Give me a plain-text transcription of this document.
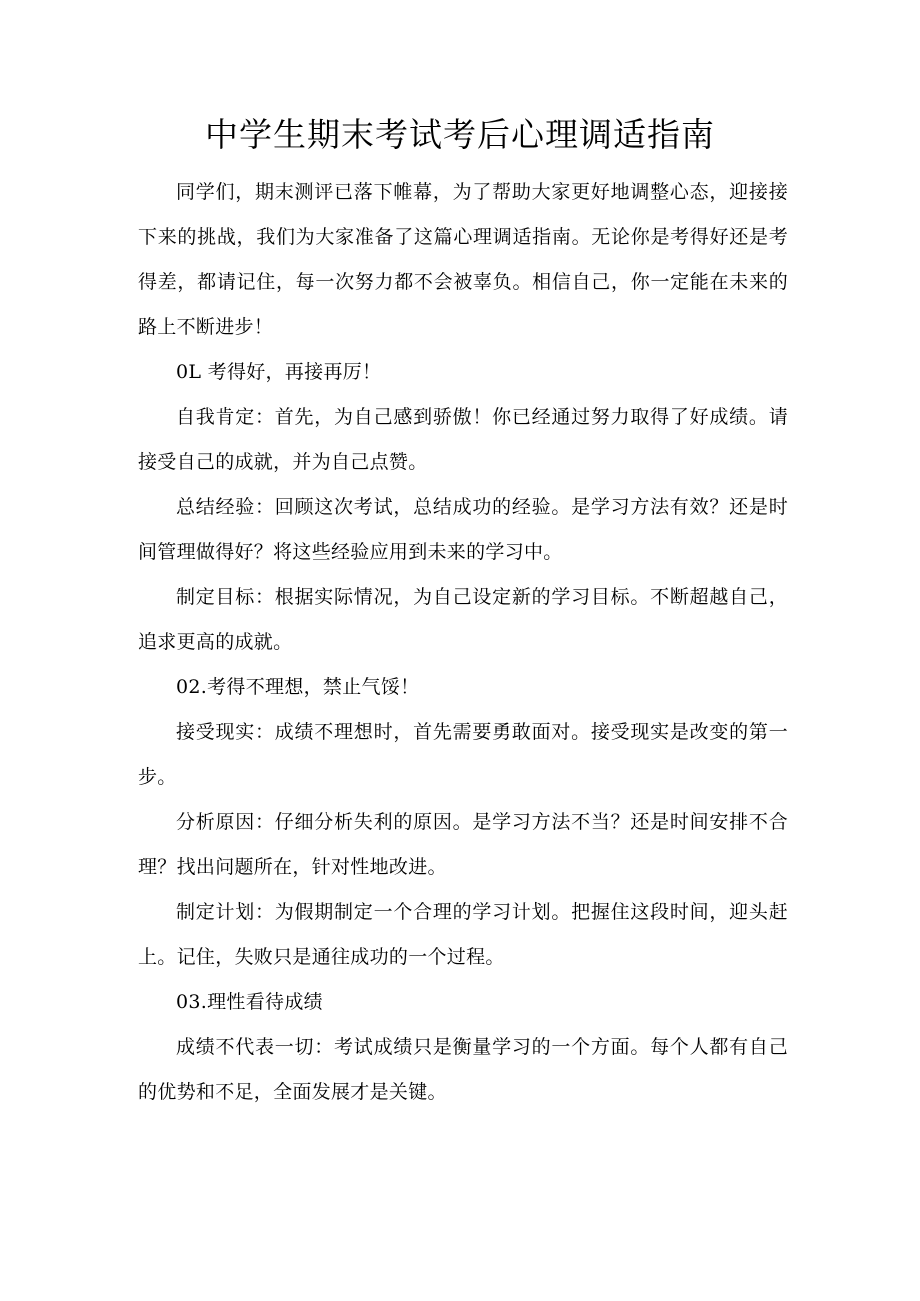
中学生期末考试考后心理调适指南

同学们，期末测评已落下帷幕，为了帮助大家更好地调整心态，迎接接下来的挑战，我们为大家准备了这篇心理调适指南。无论你是考得好还是考得差，都请记住，每一次努力都不会被辜负。相信自己，你一定能在未来的路上不断进步！

0L 考得好，再接再厉！

自我肯定：首先，为自己感到骄傲！你已经通过努力取得了好成绩。请接受自己的成就，并为自己点赞。

总结经验：回顾这次考试，总结成功的经验。是学习方法有效？还是时间管理做得好？将这些经验应用到未来的学习中。

制定目标：根据实际情况，为自己设定新的学习目标。不断超越自己，追求更高的成就。

02.考得不理想，禁止气馁！

接受现实：成绩不理想时，首先需要勇敢面对。接受现实是改变的第一步。

分析原因：仔细分析失利的原因。是学习方法不当？还是时间安排不合理？找出问题所在，针对性地改进。

制定计划：为假期制定一个合理的学习计划。把握住这段时间，迎头赶上。记住，失败只是通往成功的一个过程。

03.理性看待成绩

成绩不代表一切：考试成绩只是衡量学习的一个方面。每个人都有自己的优势和不足，全面发展才是关键。
